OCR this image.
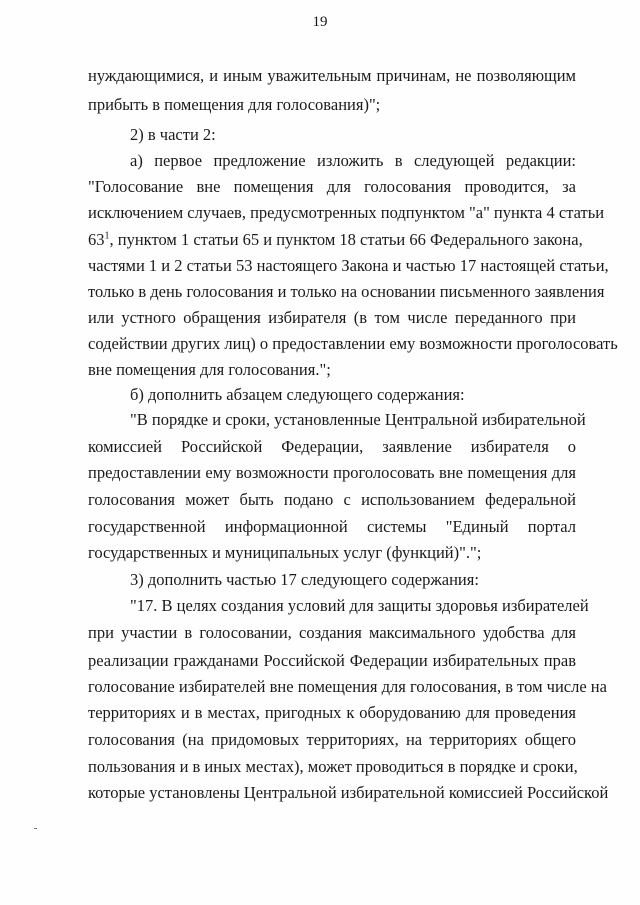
19
нуждающимися, и иным уважительным причинам, не позволяющим
прибыть в помещения для голосования)";
2) в части 2:
а) первое предложение изложить в следующей редакции:
"Голосование вне помещения для голосования проводится, за
исключением случаев, предусмотренных подпунктом "а" пункта 4 статьи
$63^1$, пунктом 1 статьи 65 и пунктом 18 статьи 66 Федерального закона,
частями 1 и 2 статьи 53 настоящего Закона и частью 17 настоящей статьи,
только в день голосования и только на основании письменного заявления
или устного обращения избирателя (в том числе переданного при
содействии других лиц) о предоставлении ему возможности проголосовать
вне помещения для голосования.";
б) дополнить абзацем следующего содержания:
"В порядке и сроки, установленные Центральной избирательной
комиссией Российской Федерации, заявление избирателя о
предоставлении ему возможности проголосовать вне помещения для
голосования может быть подано с использованием федеральной
государственной информационной системы "Единый портал
государственных и муниципальных услуг (функций)".";
3) дополнить частью 17 следующего содержания:
"17. В целях создания условий для защиты здоровья избирателей
при участии в голосовании, создания максимального удобства для
реализации гражданами Российской Федерации избирательных прав
голосование избирателей вне помещения для голосования, в том числе на
территориях и в местах, пригодных к оборудованию для проведения
голосования (на придомовых территориях, на территориях общего
пользования и в иных местах), может проводиться в порядке и сроки,
которые установлены Центральной избирательной комиссией Российской
